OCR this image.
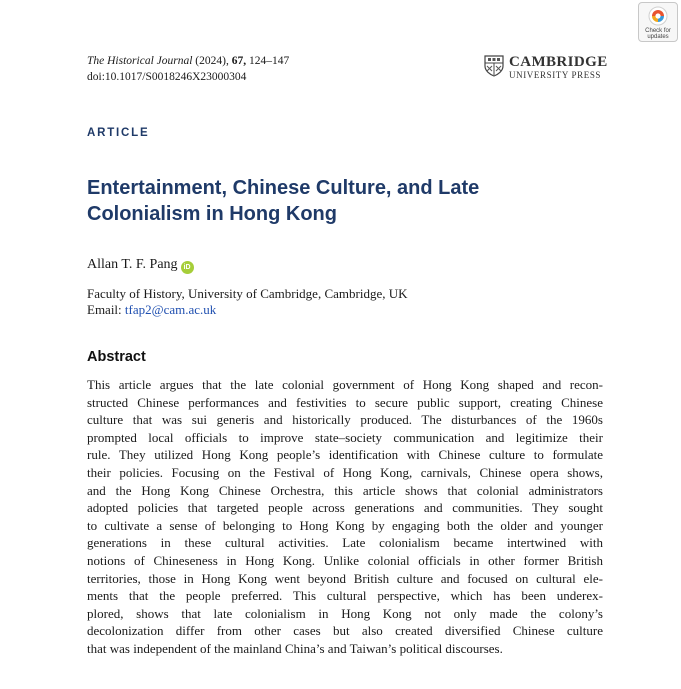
Check for
updates
The Historical Journal (2024), 67, 124–147
doi:10.1017/S0018246X23000304
CAMBRIDGE
UNIVERSITY PRESS
ARTICLE
Entertainment, Chinese Culture, and Late
Colonialism in Hong Kong
Allan T. F. Pang iD
Faculty of History, University of Cambridge, Cambridge, UK
Email: tfap2@cam.ac.uk
Abstract
This article argues that the late colonial government of Hong Kong shaped and recon-
structed Chinese performances and festivities to secure public support, creating Chinese
culture that was sui generis and historically produced. The disturbances of the 1960s
prompted local officials to improve state–society communication and legitimize their
rule. They utilized Hong Kong people’s identification with Chinese culture to formulate
their policies. Focusing on the Festival of Hong Kong, carnivals, Chinese opera shows,
and the Hong Kong Chinese Orchestra, this article shows that colonial administrators
adopted policies that targeted people across generations and communities. They sought
to cultivate a sense of belonging to Hong Kong by engaging both the older and younger
generations in these cultural activities. Late colonialism became intertwined with
notions of Chineseness in Hong Kong. Unlike colonial officials in other former British
territories, those in Hong Kong went beyond British culture and focused on cultural ele-
ments that the people preferred. This cultural perspective, which has been underex-
plored, shows that late colonialism in Hong Kong not only made the colony’s
decolonization differ from other cases but also created diversified Chinese culture
that was independent of the mainland China’s and Taiwan’s political discourses.
